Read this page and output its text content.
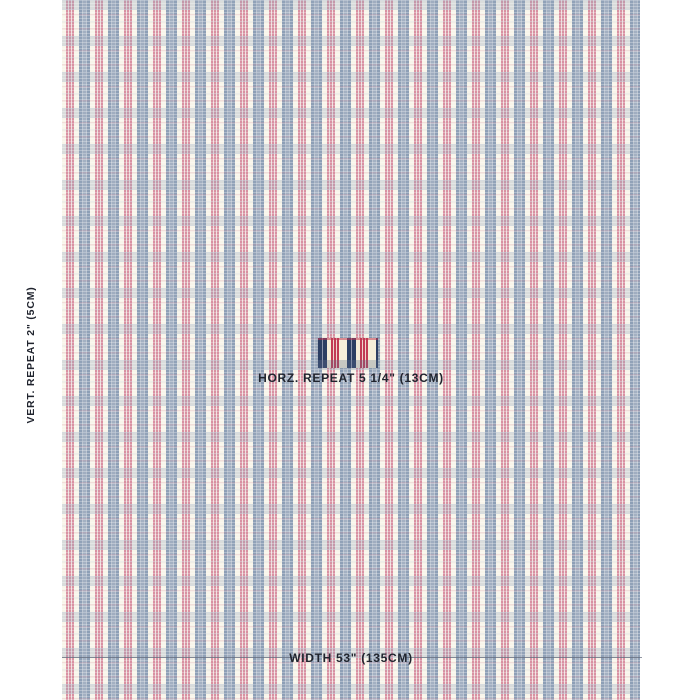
HORZ. REPEAT 5 1/4" (13CM)
WIDTH 53" (135CM)
VERT. REPEAT 2" (5CM)
